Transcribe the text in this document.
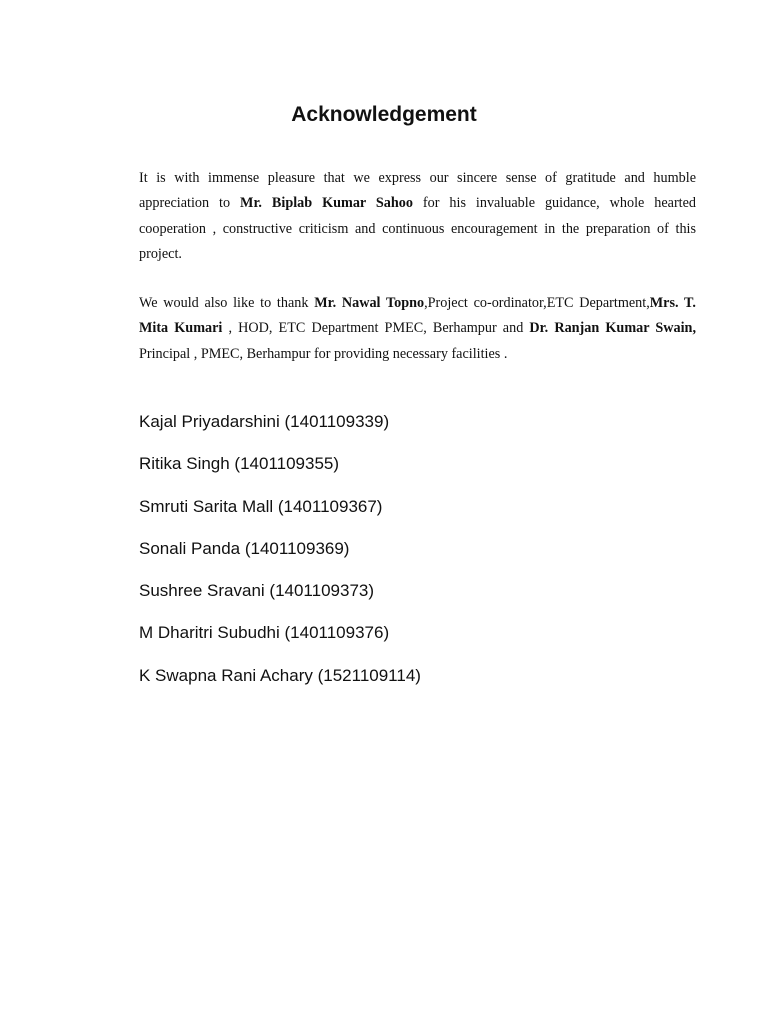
Acknowledgement

It is with immense pleasure that we express our sincere sense of gratitude and humble appreciation to Mr. Biplab Kumar Sahoo for his invaluable guidance, whole hearted cooperation , constructive criticism and continuous encouragement in the preparation of this project.

We would also like to thank Mr. Nawal Topno,Project co-ordinator,ETC Department,Mrs. T. Mita Kumari , HOD, ETC Department PMEC, Berhampur and Dr. Ranjan Kumar Swain, Principal , PMEC, Berhampur for providing necessary facilities .

Kajal Priyadarshini (1401109339)
Ritika Singh (1401109355)
Smruti Sarita Mall (1401109367)
Sonali Panda (1401109369)
Sushree Sravani (1401109373)
M Dharitri Subudhi (1401109376)
K Swapna Rani Achary (1521109114)
